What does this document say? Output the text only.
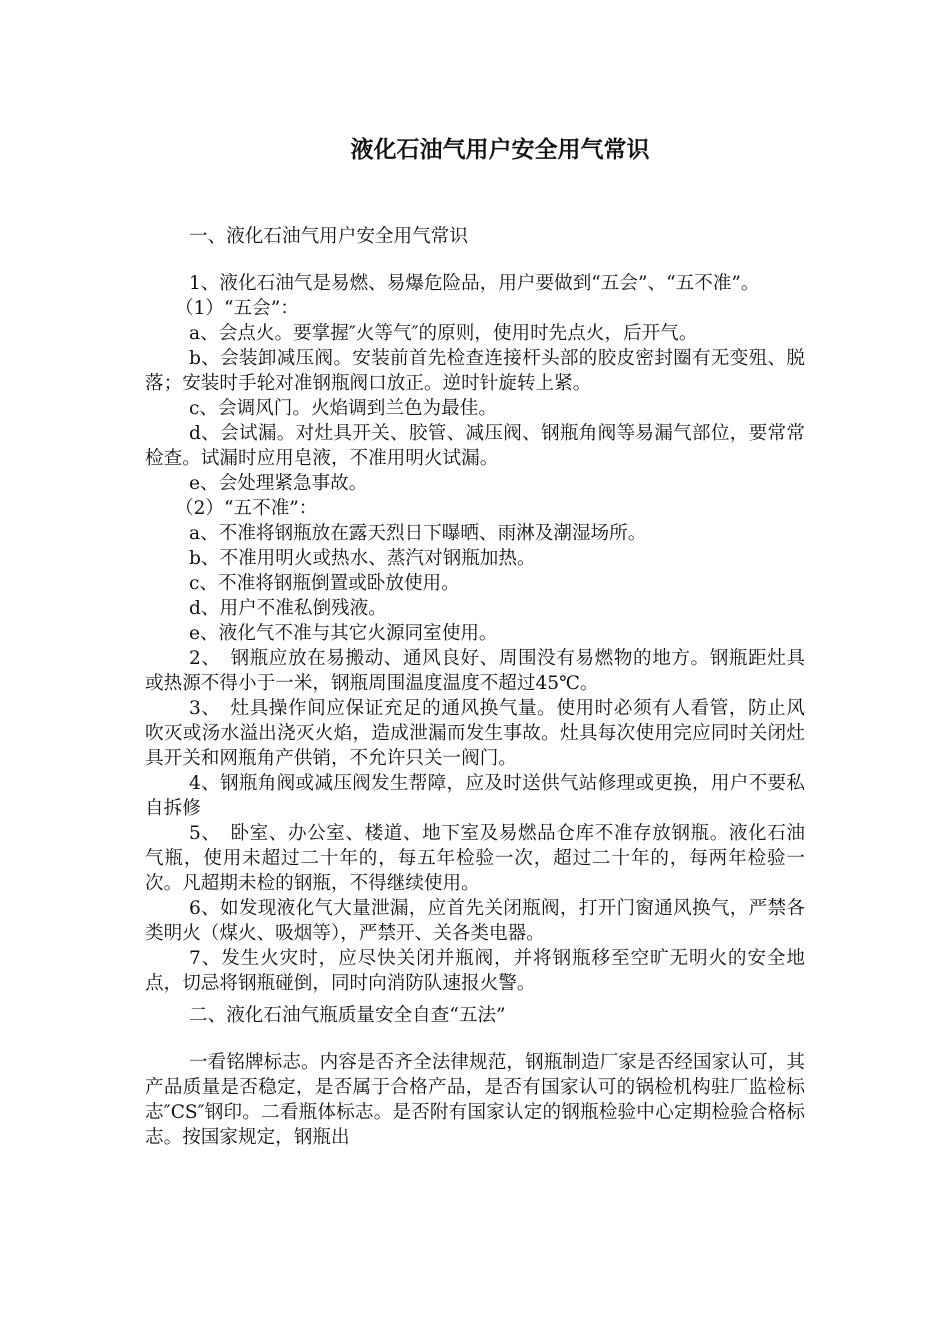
液化石油气用户安全用气常识

一、液化石油气用户安全用气常识

1、液化石油气是易燃、易爆危险品，用户要做到“五会”、“五不准”。

（1）“五会”：

a、会点火。要掌握″火等气″的原则，使用时先点火，后开气。

b、会装卸减压阀。安装前首先检查连接杆头部的胶皮密封圈有无变殂、脱落；安装时手轮对准钢瓶阀口放正。逆时针旋转上紧。

c、会调风门。火焰调到兰色为最佳。

d、会试漏。对灶具开关、胶管、减压阀、钢瓶角阀等易漏气部位，要常常检查。试漏时应用皂液，不准用明火试漏。

e、会处理紧急事故。

（2）“五不准”：

a、不准将钢瓶放在露天烈日下曝晒、雨淋及潮湿场所。

b、不准用明火或热水、蒸汽对钢瓶加热。

c、不准将钢瓶倒置或卧放使用。

d、用户不准私倒残液。

e、液化气不准与其它火源同室使用。

2、　钢瓶应放在易搬动、通风良好、周围没有易燃物的地方。钢瓶距灶具或热源不得小于一米，钢瓶周围温度温度不超过45℃。

3、　灶具操作间应保证充足的通风换气量。使用时必须有人看管，防止风吹灭或汤水溢出浇灭火焰，造成泄漏而发生事故。灶具每次使用完应同时关闭灶具开关和网瓶角产供销，不允许只关一阀门。

4、钢瓶角阀或减压阀发生帮障，应及时送供气站修理或更换，用户不要私自拆修

5、　卧室、办公室、楼道、地下室及易燃品仓库不准存放钢瓶。液化石油气瓶，使用未超过二十年的，每五年检验一次，超过二十年的，每两年检验一次。凡超期未检的钢瓶，不得继续使用。

6、如发现液化气大量泄漏，应首先关闭瓶阀，打开门窗通风换气，严禁各类明火（煤火、吸烟等），严禁开、关各类电器。

7、发生火灾时，应尽快关闭并瓶阀，并将钢瓶移至空旷无明火的安全地点，切忌将钢瓶碰倒，同时向消防队速报火警。

二、液化石油气瓶质量安全自查“五法”

一看铭牌标志。内容是否齐全法律规范，钢瓶制造厂家是否经国家认可，其产品质量是否稳定，是否属于合格产品，是否有国家认可的锅检机构驻厂监检标志″CS″钢印。二看瓶体标志。是否附有国家认定的钢瓶检验中心定期检验合格标志。按国家规定，钢瓶出
